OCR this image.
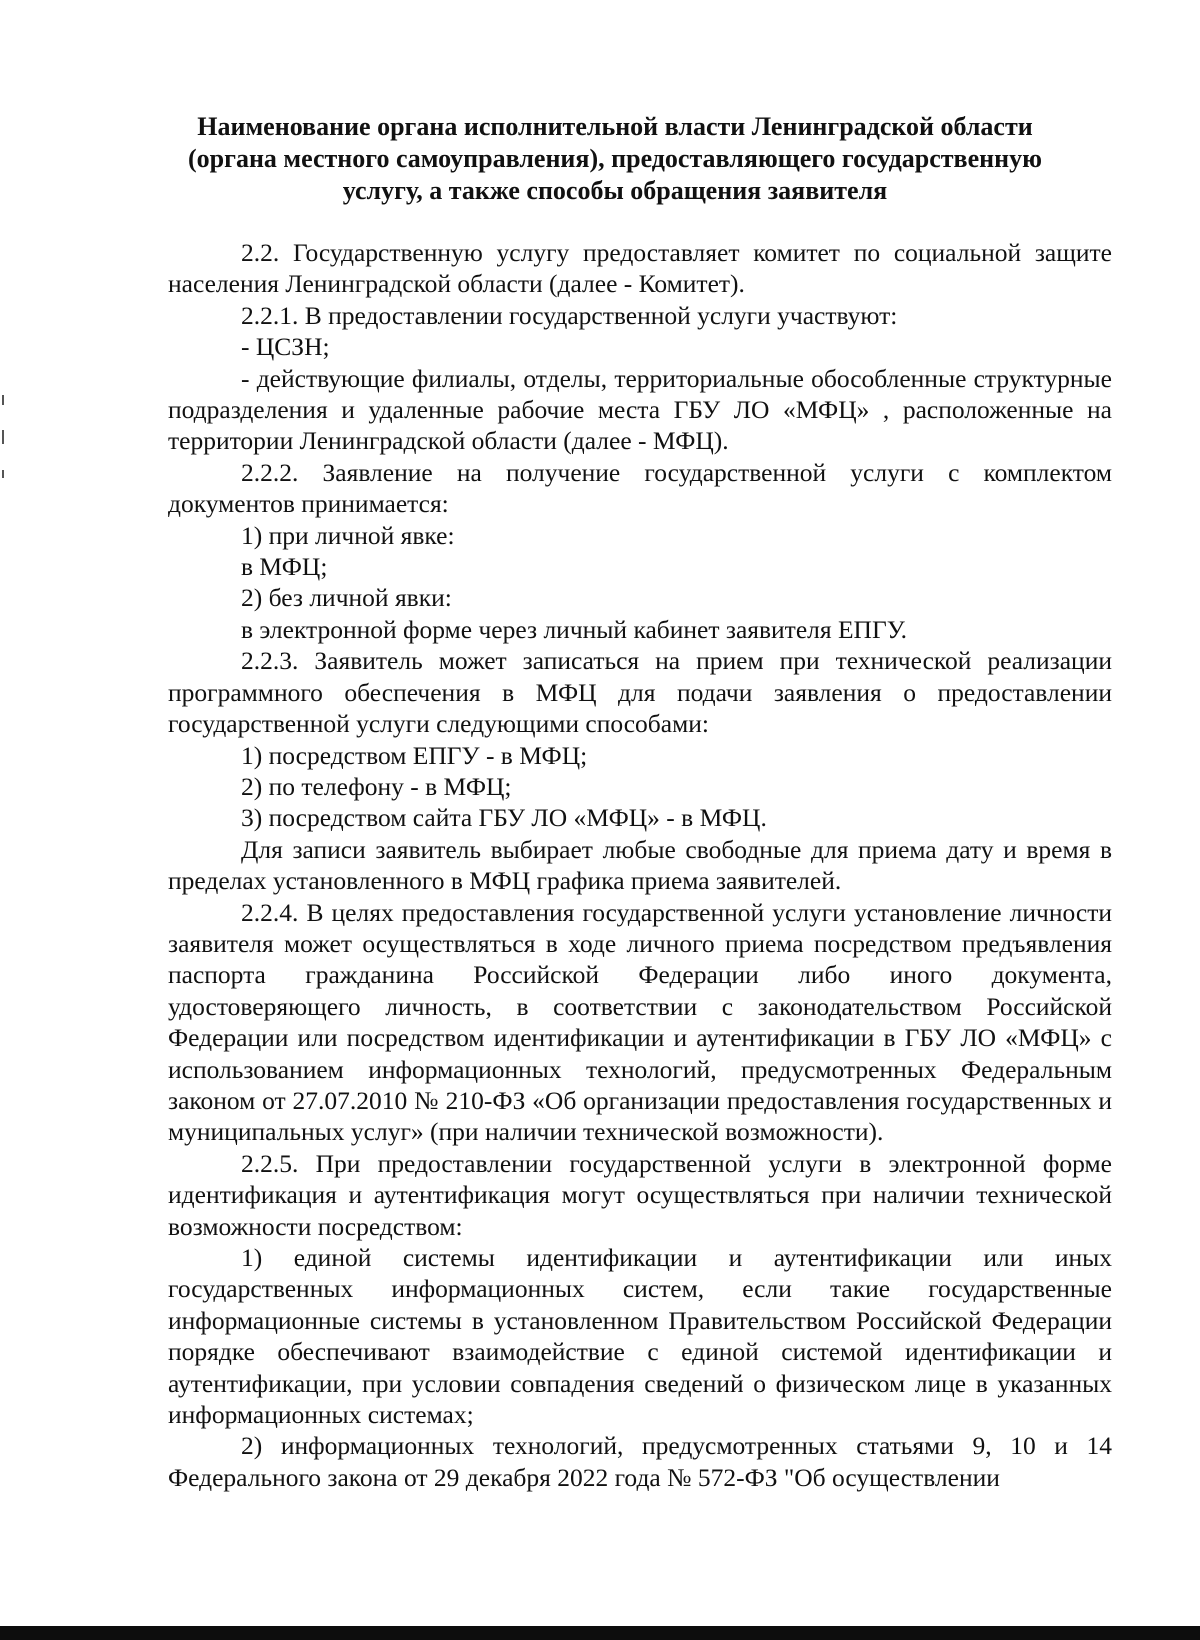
Наименование органа исполнительной власти Ленинградской области
(органа местного самоуправления), предоставляющего государственную
услугу, а также способы обращения заявителя

2.2. Государственную услугу предоставляет комитет по социальной защите населения Ленинградской области (далее - Комитет).

2.2.1. В предоставлении государственной услуги участвуют:

- ЦСЗН;

- действующие филиалы, отделы, территориальные обособленные структурные подразделения и удаленные рабочие места ГБУ ЛО «МФЦ» , расположенные на территории Ленинградской области (далее - МФЦ).

2.2.2. Заявление на получение государственной услуги с комплектом документов принимается:

1) при личной явке:

в МФЦ;

2) без личной явки:

в электронной форме через личный кабинет заявителя ЕПГУ.

2.2.3. Заявитель может записаться на прием при технической реализации программного обеспечения в МФЦ для подачи заявления о предоставлении государственной услуги следующими способами:

1) посредством ЕПГУ - в МФЦ;

2) по телефону - в МФЦ;

3) посредством сайта ГБУ ЛО «МФЦ» - в МФЦ.

Для записи заявитель выбирает любые свободные для приема дату и время в пределах установленного в МФЦ графика приема заявителей.

2.2.4. В целях предоставления государственной услуги установление личности заявителя может осуществляться в ходе личного приема посредством предъявления паспорта гражданина Российской Федерации либо иного документа, удостоверяющего личность, в соответствии с законодательством Российской Федерации или посредством идентификации и аутентификации в ГБУ ЛО «МФЦ» с использованием информационных технологий, предусмотренных Федеральным законом от 27.07.2010 № 210-ФЗ «Об организации предоставления государственных и муниципальных услуг» (при наличии технической возможности).

2.2.5. При предоставлении государственной услуги в электронной форме идентификация и аутентификация могут осуществляться при наличии технической возможности посредством:

1) единой системы идентификации и аутентификации или иных государственных информационных систем, если такие государственные информационные системы в установленном Правительством Российской Федерации порядке обеспечивают взаимодействие с единой системой идентификации и аутентификации, при условии совпадения сведений о физическом лице в указанных информационных системах;

2) информационных технологий, предусмотренных статьями 9, 10 и 14 Федерального закона от 29 декабря 2022 года № 572-ФЗ "Об осуществлении
